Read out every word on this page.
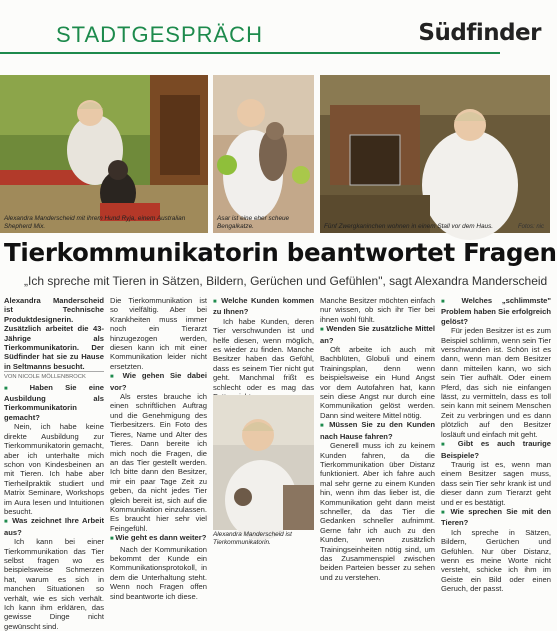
STADTGESPRÄCH	Südfinder
Alexandra Manderscheid mit ihrem Hund Ryja, einem Australian Shepherd Mix.
Asar ist eine eher scheue Bengalkatze.	Fünf Zwergkaninchen wohnen in einem Stall vor dem Haus.	Fotos: nic
Tierkommunikatorin beantwortet Fragen
„Ich spreche mit Tieren in Sätzen, Bildern, Gerüchen und Gefühlen", sagt Alexandra Manderscheid

Alexandra Manderscheid ist Technische Produktdesignerin. Zusätzlich arbeitet die 43-Jährige als Tierkommunikatorin. Der Südfinder hat sie zu Hause in Seltmanns besucht.

VON NICOLE MÖLLENBROCK

■ Haben Sie eine Ausbildung als Tierkommunikatorin gemacht?

Nein, ich habe keine direkte Ausbildung zur Tierkommunikatorin gemacht, aber ich unterhalte mich schon von Kindesbeinen an mit Tieren. Ich habe aber Tierheilpraktik studiert und Matrix Seminare, Workshops im Aura lesen und Intuitionen besucht.

■ Was zeichnet Ihre Arbeit aus?

Ich kann bei einer Tierkommunikation das Tier selbst fragen wo es beispielsweise Schmerzen hat, warum es sich in manchen Situationen so verhält, wie es sich verhält. Ich kann ihm erklären, das gewisse Dinge nicht gewünscht sind.

Die Tierkommunikation ist so vielfältig. Aber bei Krankheiten muss immer noch ein Tierarzt hinzugezogen werden, diesen kann ich mit einer Kommunikation leider nicht ersetzten.

■ Wie gehen Sie dabei vor?

Als erstes brauche ich einen schriftlichen Auftrag und die Genehmigung des Tierbesitzers. Ein Foto des Tieres, Name und Alter des Tieres. Dann bereite ich mich noch die Fragen, die an das Tier gestellt werden. Ich bitte dann den Besitzer, mir ein paar Tage Zeit zu geben, da nicht jedes Tier gleich bereit ist, sich auf die Kommunikation einzulassen. Es braucht hier sehr viel Feingefühl.

■ Wie geht es dann weiter?

Nach der Kommunikation bekommt der Kunde ein Kommunikationsprotokoll, in dem die Unterhaltung steht. Wenn noch Fragen offen sind beantworte ich diese.

■ Welche Kunden kommen zu Ihnen?

Ich habe Kunden, deren Tier verschwunden ist und helfe diesen, wenn möglich, es wieder zu finden. Manche Besitzer haben das Gefühl, dass es seinem Tier nicht gut geht. Manchmal frißt es schlecht oder es mag das

Alexandra Manderscheid ist Tierkommunikatorin.

Manche Besitzer möchten einfach nur wissen, ob sich ihr Tier bei ihnen wohl fühlt.

■ Wenden Sie zusätzliche Mittel an?

Oft arbeite ich auch mit Bachblüten, Globuli und einem Trainingsplan, denn wenn beispielsweise ein Hund Angst vor dem Autofahren hat, kann sein diese Angst nur durch eine Kommunikation gelöst werden. Dann sind weitere Mittel nötig.

■ Müssen Sie zu den Kunden nach Hause fahren?

Generell muss ich zu keinem Kunden fahren, da die Tierkommunikation über Distanz funktioniert. Aber ich fahre auch mal sehr gerne zu einem Kunden hin, wenn ihm das lieber ist, die Kommunikation geht dann meist schneller, da das Tier die Gedanken schneller aufnimmt. Gerne fahr ich auch zu den Kunden, wenn zusätzlich Trainingseinheiten nötig sind, um das Zusammenspiel zwischen beiden Parteien besser zu sehen und zu verstehen.

■ Welches „schlimmste" Problem haben Sie erfolgreich gelöst?

Für jeden Besitzer ist es zum Beispiel schlimm, wenn sein Tier verschwunden ist. Schön ist es dann, wenn man dem Besitzer dann mitteilen kann, wo sich sein Tier aufhält. Oder einem Pferd, das sich nie einfangen lässt, zu vermitteln, dass es toll sein kann mit seinem Menschen Zeit zu verbringen und es dann plötzlich auf den Besitzer losläuft und einfach mit geht.

■ Gibt es auch traurige Beispiele?

Traurig ist es, wenn man einem Besitzer sagen muss, dass sein Tier sehr krank ist und dieser dann zum Tierarzt geht und er es bestätigt.

■ Wie sprechen Sie mit den Tieren?

Ich spreche in Sätzen, Bildern, Gerüchen und Gefühlen. Nur über Distanz, wenn es meine Worte nicht versteht, schicke ich ihm im Geiste ein Bild oder einen Geruch, der passt.
